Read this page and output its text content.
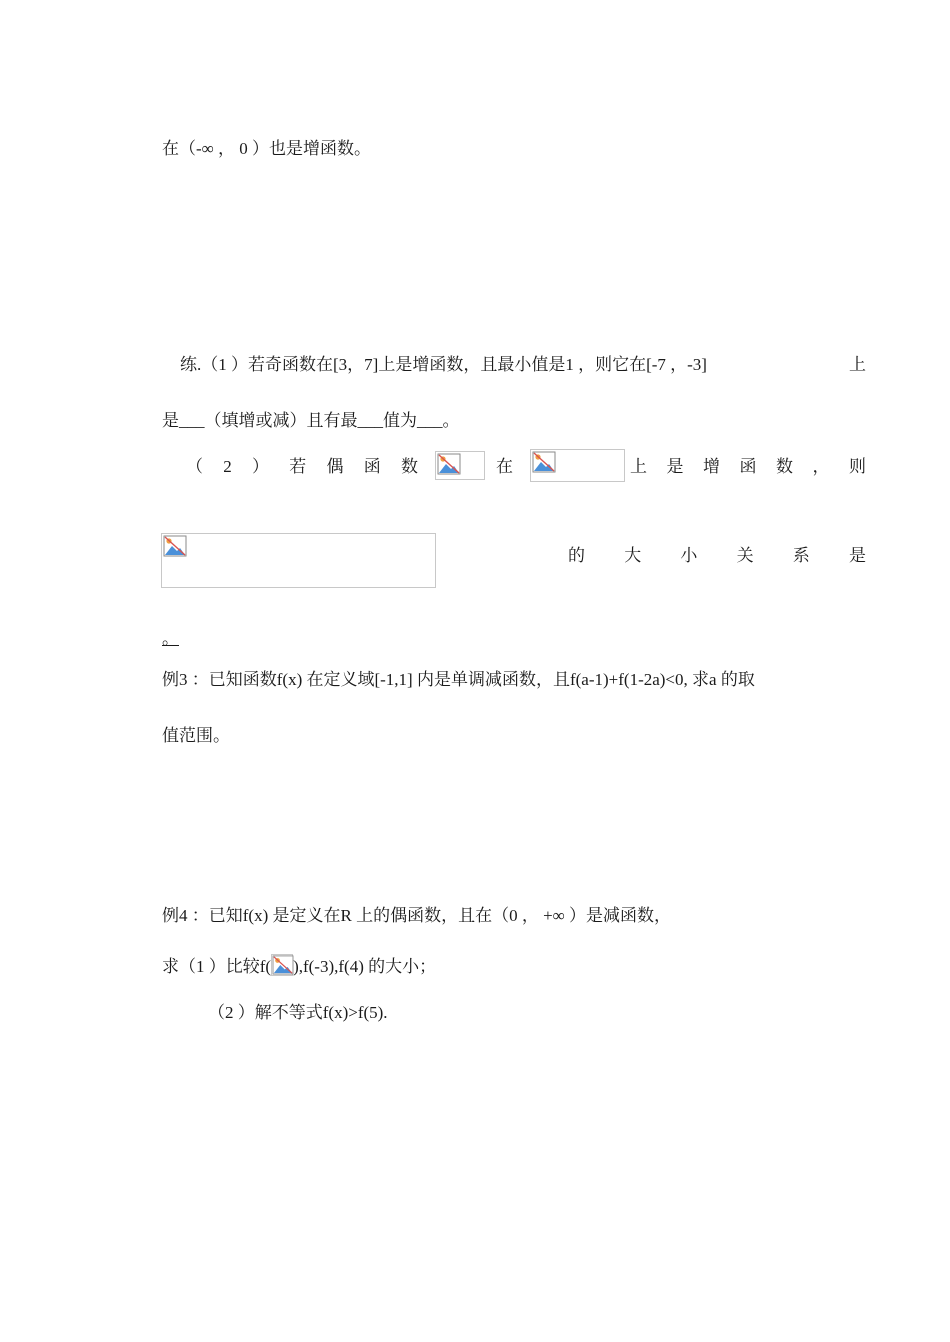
在（-∞ ， 0 ）也是增函数。
练.（1 ）若奇函数在[3，7]上是增函数，且最小值是1 ，则它在[-7 ，-3]	上
是___（填增或减）且有最___值为___。
（ 2 ） 若 偶 函 数	在	上 是 增 函 数 ， 则
的 大 小 关 系 是
。
例3 ：已知函数f(x) 在定义域[-1,1] 内是单调减函数，且f(a-1)+f(1-2a)<0, 求a 的取
值范围。
例4 ：已知f(x) 是定义在R 上的偶函数，且在（0 ， +∞ ）是减函数，
求（1 ）比较f( ),f(-3),f(4) 的大小；
（2 ）解不等式f(x)>f(5).
